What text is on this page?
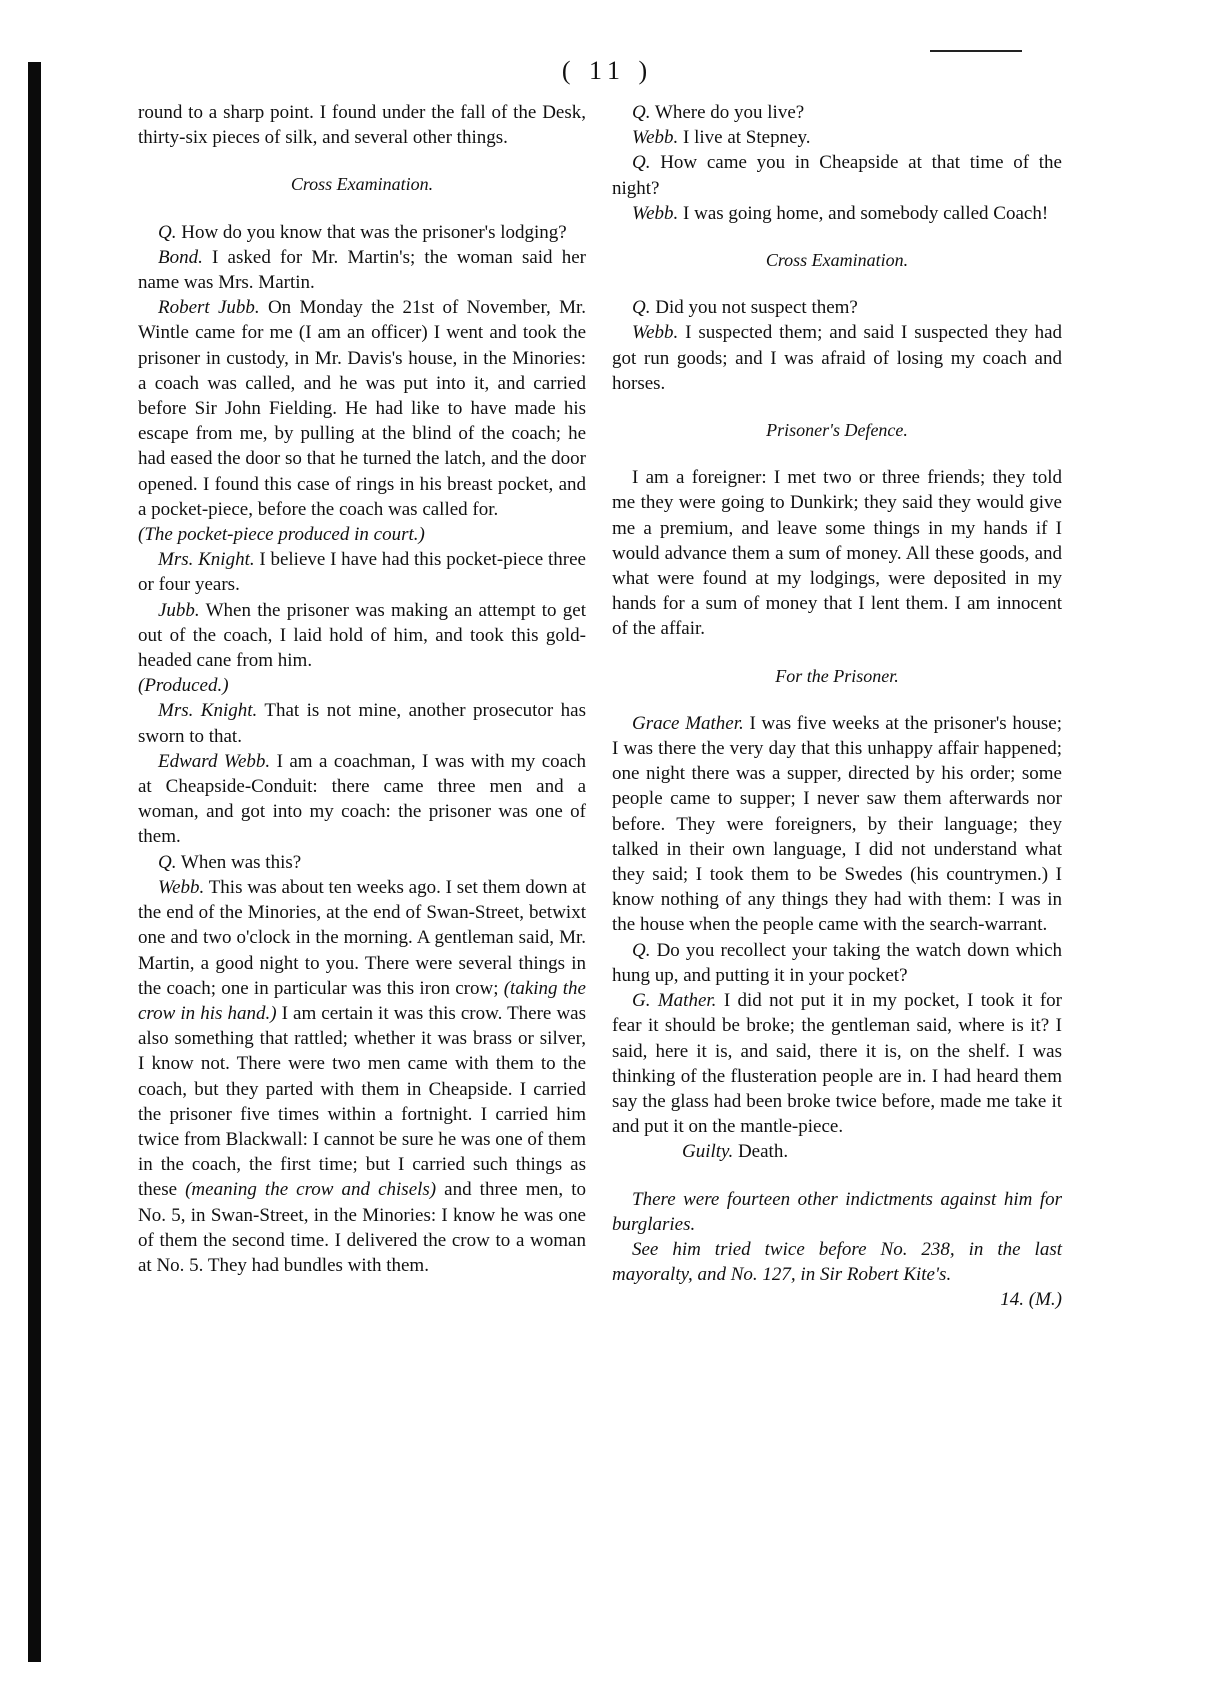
( 11 )

round to a sharp point. I found under the fall of the Desk, thirty-six pieces of silk, and several other things.

Cross Examination.

Q. How do you know that was the prisoner's lodging?

Bond. I asked for Mr. Martin's; the woman said her name was Mrs. Martin.

Robert Jubb. On Monday the 21st of November, Mr. Wintle came for me (I am an officer) I went and took the prisoner in custody, in Mr. Davis's house, in the Minories: a coach was called, and he was put into it, and carried before Sir John Fielding. He had like to have made his escape from me, by pulling at the blind of the coach; he had eased the door so that he turned the latch, and the door opened. I found this case of rings in his breast pocket, and a pocket-piece, before the coach was called for.

(The pocket-piece produced in court.)

Mrs. Knight. I believe I have had this pocket-piece three or four years.

Jubb. When the prisoner was making an attempt to get out of the coach, I laid hold of him, and took this gold-headed cane from him.

(Produced.)

Mrs. Knight. That is not mine, another prosecutor has sworn to that.

Edward Webb. I am a coachman, I was with my coach at Cheapside-Conduit: there came three men and a woman, and got into my coach: the prisoner was one of them.

Q. When was this?

Webb. This was about ten weeks ago. I set them down at the end of the Minories, at the end of Swan-Street, betwixt one and two o'clock in the morning. A gentleman said, Mr. Martin, a good night to you. There were several things in the coach; one in particular was this iron crow; (taking the crow in his hand.) I am certain it was this crow. There was also something that rattled; whether it was brass or silver, I know not. There were two men came with them to the coach, but they parted with them in Cheapside. I carried the prisoner five times within a fortnight. I carried him twice from Blackwall: I cannot be sure he was one of them in the coach, the first time; but I carried such things as these (meaning the crow and chisels) and three men, to No. 5, in Swan-Street, in the Minories: I know he was one of them the second time. I delivered the crow to a woman at No. 5. They had bundles with them.

Q. Where do you live?

Webb. I live at Stepney.

Q. How came you in Cheapside at that time of the night?

Webb. I was going home, and somebody called Coach!

Cross Examination.

Q. Did you not suspect them?

Webb. I suspected them; and said I suspected they had got run goods; and I was afraid of losing my coach and horses.

Prisoner's Defence.

I am a foreigner: I met two or three friends; they told me they were going to Dunkirk; they said they would give me a premium, and leave some things in my hands if I would advance them a sum of money. All these goods, and what were found at my lodgings, were deposited in my hands for a sum of money that I lent them. I am innocent of the affair.

For the Prisoner.

Grace Mather. I was five weeks at the prisoner's house; I was there the very day that this unhappy affair happened; one night there was a supper, directed by his order; some people came to supper; I never saw them afterwards nor before. They were foreigners, by their language; they talked in their own language, I did not understand what they said; I took them to be Swedes (his countrymen.) I know nothing of any things they had with them: I was in the house when the people came with the search-warrant.

Q. Do you recollect your taking the watch down which hung up, and putting it in your pocket?

G. Mather. I did not put it in my pocket, I took it for fear it should be broke; the gentleman said, where is it? I said, here it is, and said, there it is, on the shelf. I was thinking of the flusteration people are in. I had heard them say the glass had been broke twice before, made me take it and put it on the mantle-piece.

Guilty. Death.

There were fourteen other indictments against him for burglaries.

See him tried twice before No. 238, in the last mayoralty, and No. 127, in Sir Robert Kite's.

14. (M.)
